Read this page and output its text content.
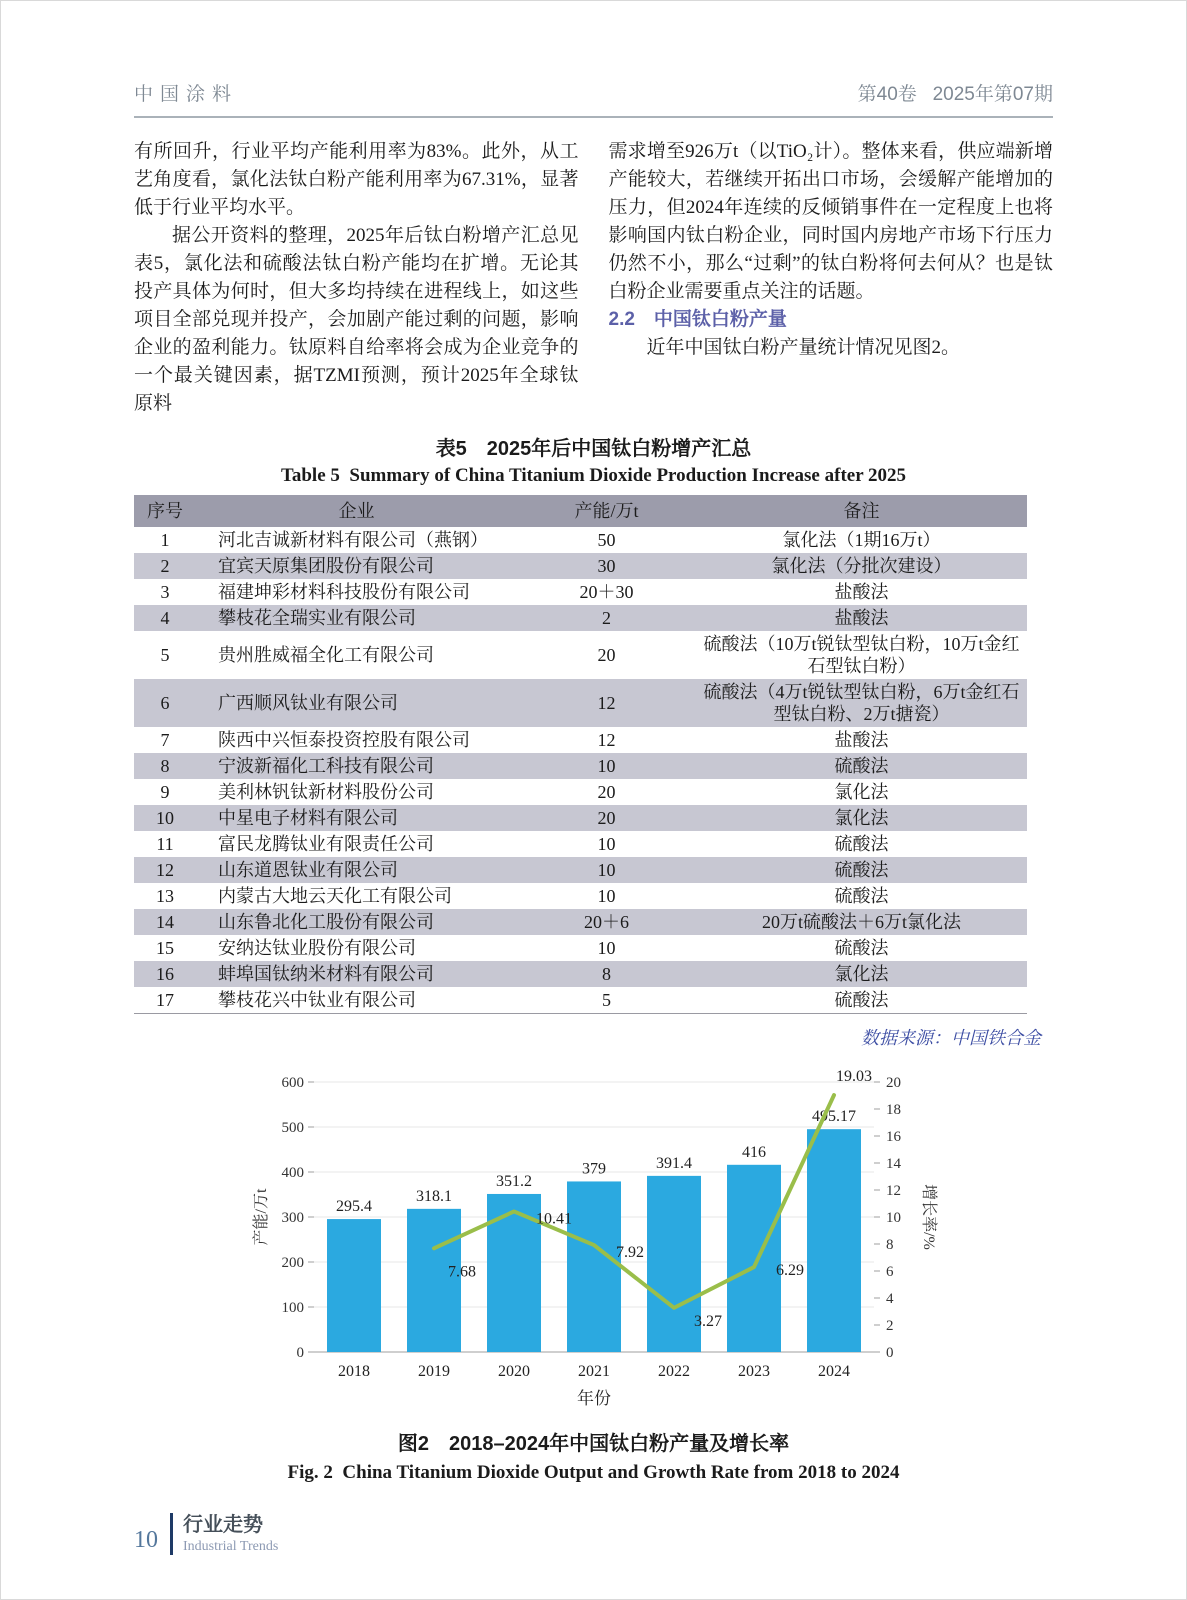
中国涂料	第40卷   2025年第07期

有所回升，行业平均产能利用率为83%。此外，从工艺角度看，氯化法钛白粉产能利用率为67.31%，显著低于行业平均水平。

据公开资料的整理，2025年后钛白粉增产汇总见表5，氯化法和硫酸法钛白粉产能均在扩增。无论其投产具体为何时，但大多均持续在进程线上，如这些项目全部兑现并投产，会加剧产能过剩的问题，影响企业的盈利能力。钛原料自给率将会成为企业竞争的一个最关键因素，据TZMI预测，预计2025年全球钛原料

需求增至926万t（以TiO₂计）。整体来看，供应端新增产能较大，若继续开拓出口市场，会缓解产能增加的压力，但2024年连续的反倾销事件在一定程度上也将影响国内钛白粉企业，同时国内房地产市场下行压力仍然不小，那么“过剩”的钛白粉将何去何从？也是钛白粉企业需要重点关注的话题。

2.2　中国钛白粉产量

近年中国钛白粉产量统计情况见图2。

表5　2025年后中国钛白粉增产汇总
Table 5  Summary of China Titanium Dioxide Production Increase after 2025
序号	企业	产能/万t	备注
1	河北吉诚新材料有限公司（燕钢）	50	氯化法（1期16万t）
2	宜宾天原集团股份有限公司	30	氯化法（分批次建设）
3	福建坤彩材料科技股份有限公司	20＋30	盐酸法
4	攀枝花全瑞实业有限公司	2	盐酸法
5	贵州胜威福全化工有限公司	20	硫酸法（10万t锐钛型钛白粉，10万t金红石型钛白粉）
6	广西顺风钛业有限公司	12	硫酸法（4万t锐钛型钛白粉，6万t金红石型钛白粉、2万t搪瓷）
7	陕西中兴恒泰投资控股有限公司	12	盐酸法
8	宁波新福化工科技有限公司	10	硫酸法
9	美利林钒钛新材料股份公司	20	氯化法
10	中星电子材料有限公司	20	氯化法
11	富民龙腾钛业有限责任公司	10	硫酸法
12	山东道恩钛业有限公司	10	硫酸法
13	内蒙古大地云天化工有限公司	10	硫酸法
14	山东鲁北化工股份有限公司	20＋6	20万t硫酸法＋6万t氯化法
15	安纳达钛业股份有限公司	10	硫酸法
16	蚌埠国钛纳米材料有限公司	8	氯化法
17	攀枝花兴中钛业有限公司	5	硫酸法
数据来源：中国铁合金
0
100
200
300
400
500
600
0
2
4
6
8
10
12
14
16
18
20
295.4
318.1
351.2
379	391.4
416
495.17
7.68
10.41
7.92
3.27
6.29
19.03
2018	2019	2020	2021	2022	2023	2024
年份
产能/万t	增长率/%
图2　2018–2024年中国钛白粉产量及增长率
Fig. 2  China Titanium Dioxide Output and Growth Rate from 2018 to 2024
10
行业走势
Industrial Trends
